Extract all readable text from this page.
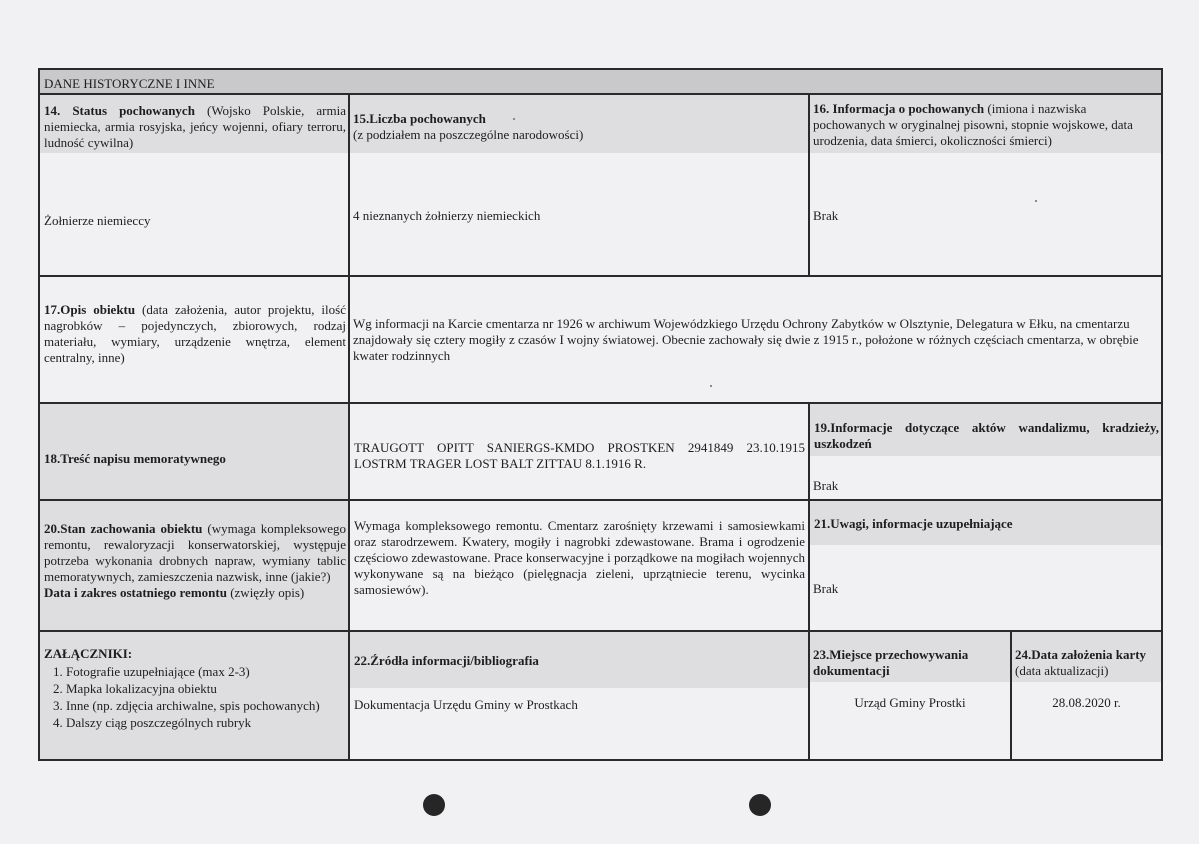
DANE HISTORYCZNE I INNE
14. Status pochowanych (Wojsko Polskie, armia niemiecka, armia rosyjska, jeńcy wojenni, ofiary terroru, ludność cywilna)
Żołnierze niemieccy
15.Liczba pochowanych
(z podziałem na poszczególne narodowości)
4 nieznanych żołnierzy niemieckich
16. Informacja o pochowanych (imiona i nazwiska pochowanych w oryginalnej pisowni, stopnie wojskowe, data urodzenia, data śmierci, okoliczności śmierci)
Brak
17.Opis obiektu (data założenia, autor projektu, ilość nagrobków – pojedynczych, zbiorowych, rodzaj materiału, wymiary, urządzenie wnętrza, element centralny, inne)
Wg informacji na Karcie cmentarza nr 1926 w archiwum Wojewódzkiego Urzędu Ochrony Zabytków w Olsztynie, Delegatura w Ełku, na cmentarzu znajdowały się cztery mogiły z czasów I wojny światowej. Obecnie zachowały się dwie z 1915 r., położone w różnych częściach cmentarza, w obrębie kwater rodzinnych
18.Treść napisu memoratywnego
TRAUGOTT OPITT SANIERGS-KMDO PROSTKEN 2941849 23.10.1915 LOSTRM TRAGER LOST BALT ZITTAU 8.1.1916 R.
19.Informacje dotyczące aktów wandalizmu, kradzieży, uszkodzeń
Brak
20.Stan zachowania obiektu (wymaga kompleksowego remontu, rewaloryzacji konserwatorskiej, występuje potrzeba wykonania drobnych napraw, wymiany tablic memoratywnych, zamieszczenia nazwisk, inne (jakie?)
Data i zakres ostatniego remontu (zwięzły opis)
Wymaga kompleksowego remontu. Cmentarz zarośnięty krzewami i samosiewkami oraz starodrzewem. Kwatery, mogiły i nagrobki zdewastowane. Brama i ogrodzenie częściowo zdewastowane. Prace konserwacyjne i porządkowe na mogiłach wojennych wykonywane są na bieżąco (pielęgnacja zieleni, uprzątniecie terenu, wycinka samosiewów).
21.Uwagi, informacje uzupełniające
Brak
ZAŁĄCZNIKI:
1. Fotografie uzupełniające (max 2-3)
2. Mapka lokalizacyjna obiektu
3. Inne (np. zdjęcia archiwalne, spis pochowanych)
4. Dalszy ciąg poszczególnych rubryk
22.Źródła informacji/bibliografia
Dokumentacja Urzędu Gminy w Prostkach
23.Miejsce przechowywania dokumentacji
Urząd Gminy Prostki
24.Data założenia karty (data aktualizacji)
28.08.2020 r.
